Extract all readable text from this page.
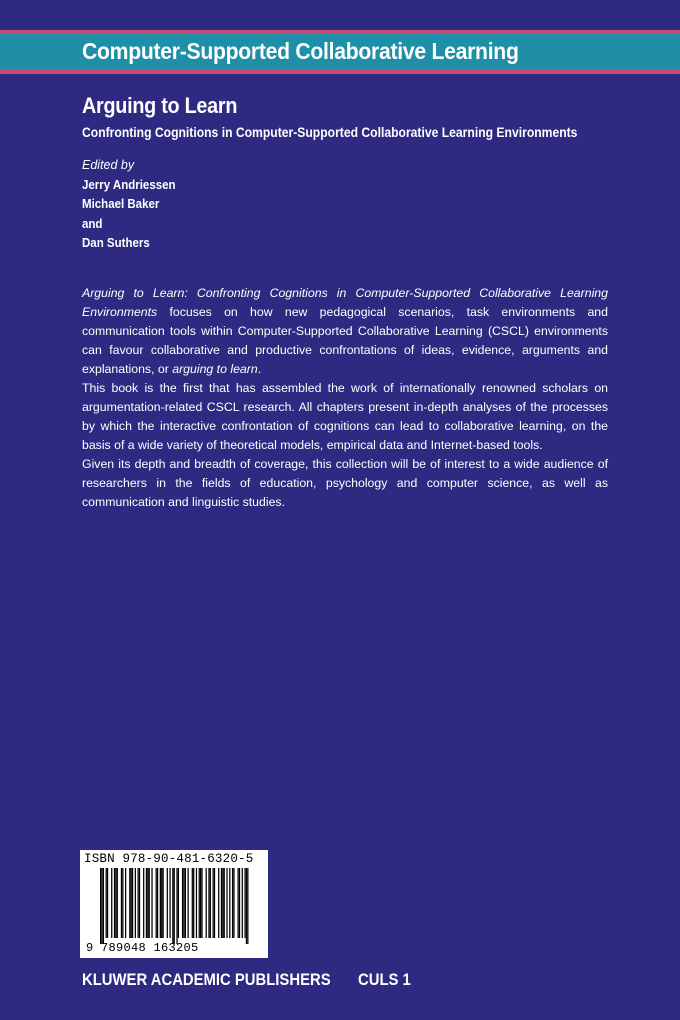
Computer-Supported Collaborative Learning
Arguing to Learn
Confronting Cognitions in Computer-Supported Collaborative Learning Environments
Edited by
Jerry Andriessen
Michael Baker
and
Dan Suthers

Arguing to Learn: Confronting Cognitions in Computer-Supported Collaborative Learning Environments focuses on how new pedagogical scenarios, task environments and communication tools within Computer-Supported Collaborative Learning (CSCL) environments can favour collaborative and productive confrontations of ideas, evidence, arguments and explanations, or arguing to learn.

This book is the first that has assembled the work of internationally renowned scholars on argumentation-related CSCL research. All chapters present in-depth analyses of the processes by which the interactive confrontation of cognitions can lead to collaborative learning, on the basis of a wide variety of theoretical models, empirical data and Internet-based tools.

Given its depth and breadth of coverage, this collection will be of interest to a wide audience of researchers in the fields of education, psychology and computer science, as well as communication and linguistic studies.

ISBN 978-90-481-6320-5
9 789048 163205
KLUWER ACADEMIC PUBLISHERS CULS 1
